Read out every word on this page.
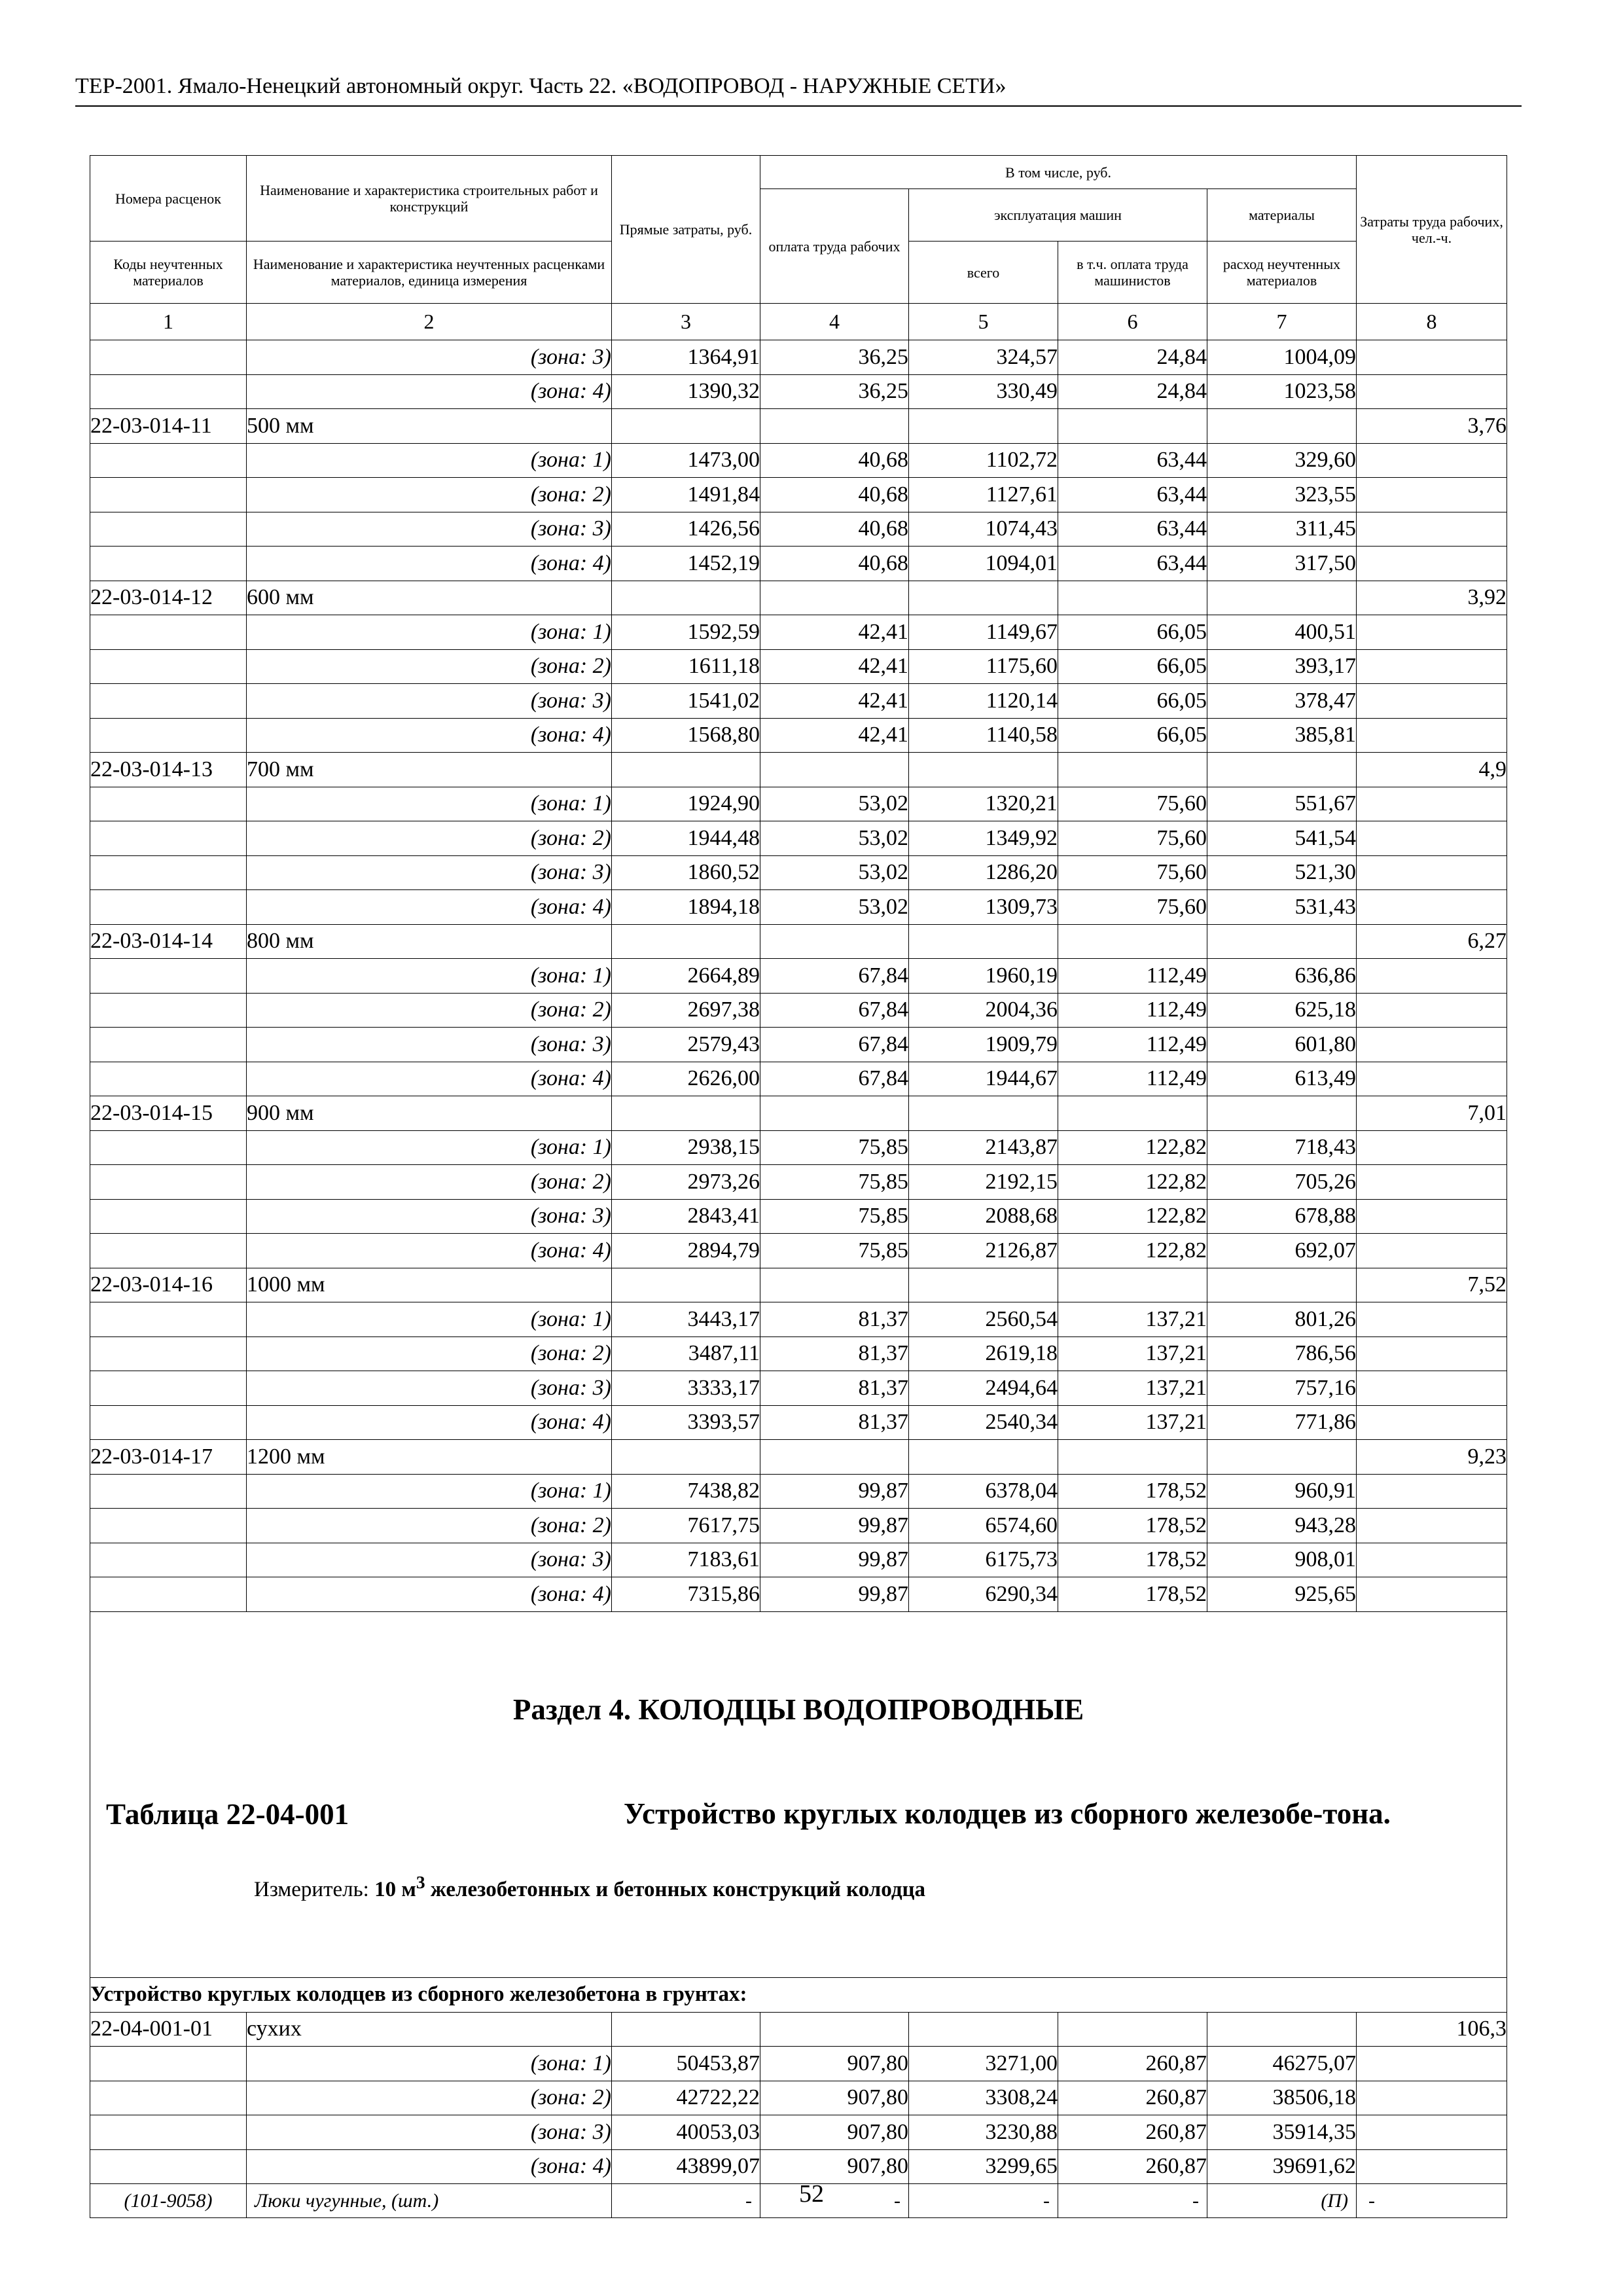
ТЕР-2001. Ямало-Ненецкий автономный округ. Часть 22. «ВОДОПРОВОД - НАРУЖНЫЕ СЕТИ»
Номера расценок	Наименование и характеристика строительных работ и конструкций	Прямые затраты, руб.	В том числе, руб.				Затраты труда рабочих, чел.-ч.
			оплата труда рабочих	эксплуатация машин		материалы	
Коды неучтенных материалов	Наименование и характеристика неучтенных расценками материалов, единица измерения			всего	в т.ч. оплата труда машинистов	расход неучтенных материалов	
1	2	3	4	5	6	7	8
	(зона: 3)	1364,91	36,25	324,57	24,84	1004,09	
	(зона: 4)	1390,32	36,25	330,49	24,84	1023,58	
22-03-014-11	500 мм						3,76
	(зона: 1)	1473,00	40,68	1102,72	63,44	329,60	
	(зона: 2)	1491,84	40,68	1127,61	63,44	323,55	
	(зона: 3)	1426,56	40,68	1074,43	63,44	311,45	
	(зона: 4)	1452,19	40,68	1094,01	63,44	317,50	
22-03-014-12	600 мм						3,92
	(зона: 1)	1592,59	42,41	1149,67	66,05	400,51	
	(зона: 2)	1611,18	42,41	1175,60	66,05	393,17	
	(зона: 3)	1541,02	42,41	1120,14	66,05	378,47	
	(зона: 4)	1568,80	42,41	1140,58	66,05	385,81	
22-03-014-13	700 мм						4,9
	(зона: 1)	1924,90	53,02	1320,21	75,60	551,67	
	(зона: 2)	1944,48	53,02	1349,92	75,60	541,54	
	(зона: 3)	1860,52	53,02	1286,20	75,60	521,30	
	(зона: 4)	1894,18	53,02	1309,73	75,60	531,43	
22-03-014-14	800 мм						6,27
	(зона: 1)	2664,89	67,84	1960,19	112,49	636,86	
	(зона: 2)	2697,38	67,84	2004,36	112,49	625,18	
	(зона: 3)	2579,43	67,84	1909,79	112,49	601,80	
	(зона: 4)	2626,00	67,84	1944,67	112,49	613,49	
22-03-014-15	900 мм						7,01
	(зона: 1)	2938,15	75,85	2143,87	122,82	718,43	
	(зона: 2)	2973,26	75,85	2192,15	122,82	705,26	
	(зона: 3)	2843,41	75,85	2088,68	122,82	678,88	
	(зона: 4)	2894,79	75,85	2126,87	122,82	692,07	
22-03-014-16	1000 мм						7,52
	(зона: 1)	3443,17	81,37	2560,54	137,21	801,26	
	(зона: 2)	3487,11	81,37	2619,18	137,21	786,56	
	(зона: 3)	3333,17	81,37	2494,64	137,21	757,16	
	(зона: 4)	3393,57	81,37	2540,34	137,21	771,86	
22-03-014-17	1200 мм						9,23
	(зона: 1)	7438,82	99,87	6378,04	178,52	960,91	
	(зона: 2)	7617,75	99,87	6574,60	178,52	943,28	
	(зона: 3)	7183,61	99,87	6175,73	178,52	908,01	
	(зона: 4)	7315,86	99,87	6290,34	178,52	925,65	

Раздел 4. КОЛОДЦЫ ВОДОПРОВОДНЫЕ
Таблица 22-04-001 Устройство круглых колодцев из сборного железобе-тона.
Измеритель: 10 $м^3$ железобетонных и бетонных конструкций колодца							

Устройство круглых колодцев из сборного железобетона в грунтах:							
22-04-001-01	сухих						106,3
	(зона: 1)	50453,87	907,80	3271,00	260,87	46275,07	
	(зона: 2)	42722,22	907,80	3308,24	260,87	38506,18	
	(зона: 3)	40053,03	907,80	3230,88	260,87	35914,35	
	(зона: 4)	43899,07	907,80	3299,65	260,87	39691,62	
(101-9058)	Люки чугунные, (шт.)	-	-	-	-	(П)	-
52
